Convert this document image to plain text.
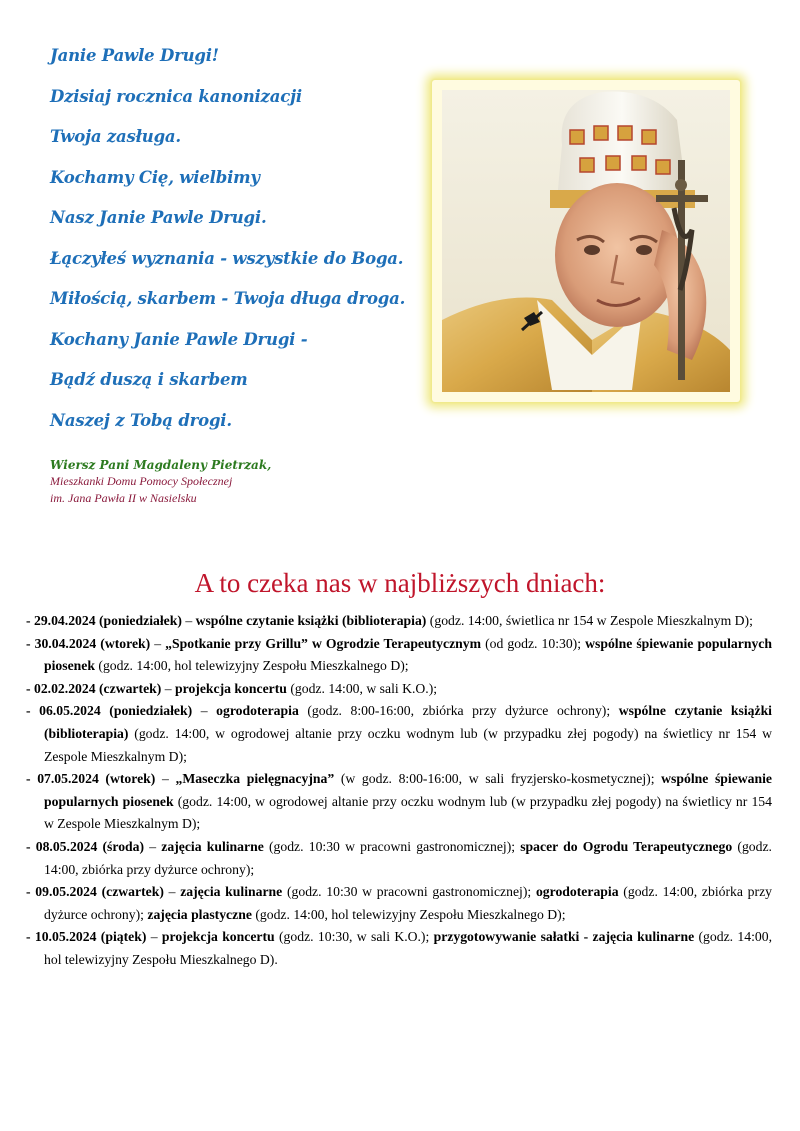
Janie Pawle Drugi!
Dzisiaj rocznica kanonizacji
Twoja zasługa.
Kochamy Cię, wielbimy
Nasz Janie Pawle Drugi.
Łączyłeś wyznania - wszystkie do Boga.
Miłością, skarbem - Twoja długa droga.
Kochany Janie Pawle Drugi -
Bądź duszą i skarbem
Naszej z Tobą drogi.
Wiersz Pani Magdaleny Pietrzak,
Mieszkanki Domu Pomocy Społecznej
im. Jana Pawła II w Nasielsku
A to czeka nas w najbliższych dniach:
- 29.04.2024 (poniedziałek) – wspólne czytanie książki (biblioterapia) (godz. 14:00, świetlica nr 154 w Zespole Mieszkalnym D);
- 30.04.2024 (wtorek) – „Spotkanie przy Grillu” w Ogrodzie Terapeutycznym (od godz. 10:30); wspólne śpiewanie popularnych piosenek (godz. 14:00, hol telewizyjny Zespołu Mieszkalnego D);
- 02.02.2024 (czwartek) – projekcja koncertu (godz. 14:00, w sali K.O.);
- 06.05.2024 (poniedziałek) – ogrodoterapia (godz. 8:00-16:00, zbiórka przy dyżurce ochrony); wspólne czytanie książki (biblioterapia) (godz. 14:00, w ogrodowej altanie przy oczku wodnym lub (w przypadku złej pogody) na świetlicy nr 154 w Zespole Mieszkalnym D);
- 07.05.2024 (wtorek) – „Maseczka pielęgnacyjna” (w godz. 8:00-16:00, w sali fryzjersko-kosmetycznej); wspólne śpiewanie popularnych piosenek (godz. 14:00, w ogrodowej altanie przy oczku wodnym lub (w przypadku złej pogody) na świetlicy nr 154 w Zespole Mieszkalnym D);
- 08.05.2024 (środa) – zajęcia kulinarne (godz. 10:30 w pracowni gastronomicznej); spacer do Ogrodu Terapeutycznego (godz. 14:00, zbiórka przy dyżurce ochrony);
- 09.05.2024 (czwartek) – zajęcia kulinarne (godz. 10:30 w pracowni gastronomicznej); ogrodoterapia (godz. 14:00, zbiórka przy dyżurce ochrony); zajęcia plastyczne (godz. 14:00, hol telewizyjny Zespołu Mieszkalnego D);
- 10.05.2024 (piątek) – projekcja koncertu (godz. 10:30, w sali K.O.); przygotowywanie sałatki - zajęcia kulinarne (godz. 14:00, hol telewizyjny Zespołu Mieszkalnego D).
